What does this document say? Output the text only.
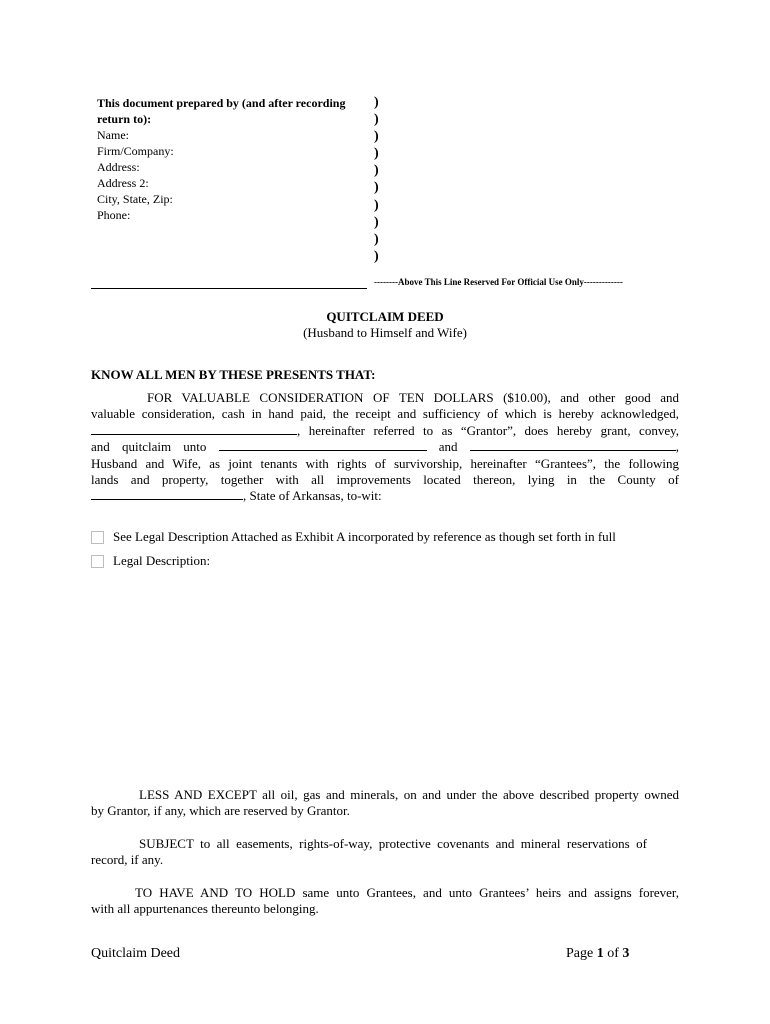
This document prepared by (and after recording
return to):
Name:
Firm/Company:
Address:
Address 2:
City, State, Zip:
Phone:
)
)
)
)
)
)
)
)
)
)
--------Above This Line Reserved For Official Use Only-------------
QUITCLAIM DEED
(Husband to Himself and Wife)
KNOW ALL MEN BY THESE PRESENTS THAT:
FOR VALUABLE CONSIDERATION OF TEN DOLLARS ($10.00), and other good and
valuable consideration, cash in hand paid, the receipt and sufficiency of which is hereby acknowledged,
, hereinafter referred to as “Grantor”, does hereby grant, convey,
and quitclaim unto	and	,
Husband and Wife, as joint tenants with rights of survivorship, hereinafter “Grantees”, the following
lands and property, together with all improvements located thereon, lying in the County of
, State of Arkansas, to-wit:
See Legal Description Attached as Exhibit A incorporated by reference as though set forth in full
Legal Description:
LESS AND EXCEPT all oil, gas and minerals, on and under the above described property owned
by Grantor, if any, which are reserved by Grantor.
SUBJECT to all easements, rights-of-way, protective covenants and mineral reservations of
record, if any.
TO HAVE AND TO HOLD same unto Grantees, and unto Grantees’ heirs and assigns forever,
with all appurtenances thereunto belonging.
Quitclaim Deed	Page 1 of 3
